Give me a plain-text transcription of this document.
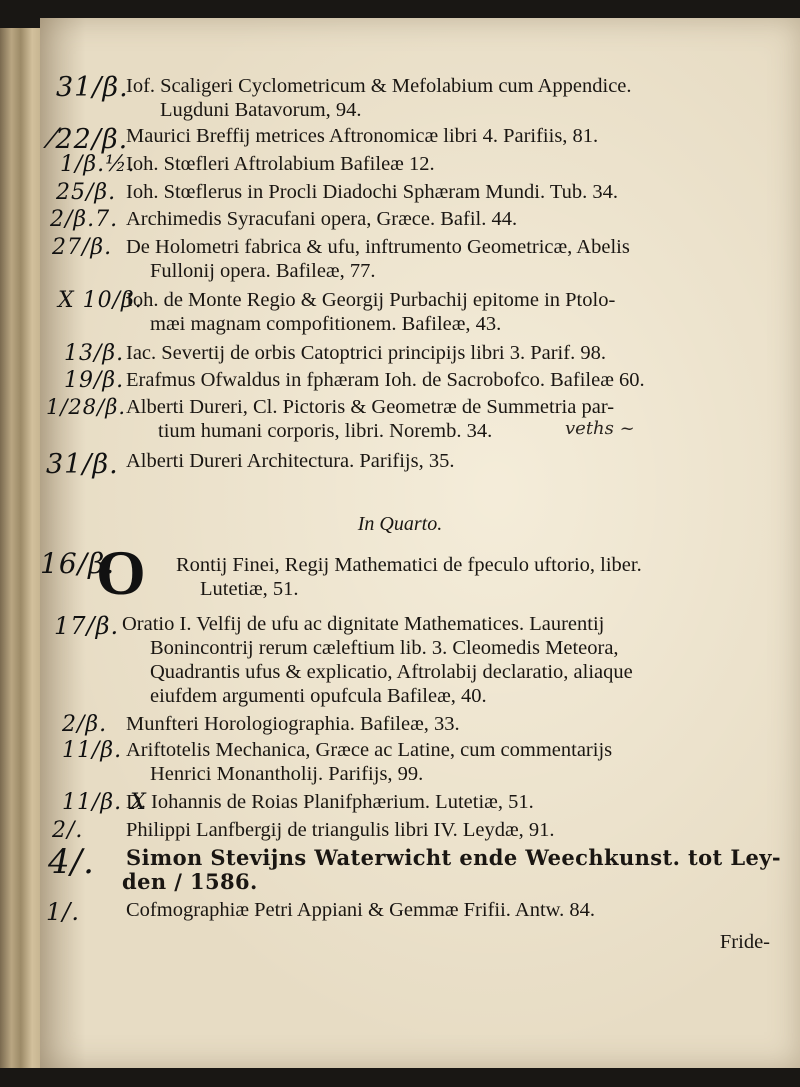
31/β.
Iof. Scaligeri Cyclometricum & Mefolabium cum Appendice.
Lugduni Batavorum, 94.
⁄22/β.
Maurici Breffij metrices Aftronomicæ libri 4. Parifiis, 81.
1/β.½.
Ioh. Stœfleri Aftrolabium Bafileæ 12.
25/β. Ioh. Stœflerus in Procli Diadochi Sphæram Mundi. Tub. 34.
2/β.7. Archimedis Syracufani opera, Græce. Bafil. 44.
27/β. De Holometri fabrica & ufu, inftrumento Geometricæ, Abelis
Fullonij opera. Bafileæ, 77.
X 10/β.
Ioh. de Monte Regio & Georgij Purbachij epitome in Ptolo-
mæi magnam compofitionem. Bafileæ, 43.
13/β. Iac. Severtij de orbis Catoptrici principijs libri 3. Parif. 98.
19/β. Erafmus Ofwaldus in fphæram Ioh. de Sacrobofco. Bafileæ 60.
1/28/β. Alberti Dureri, Cl. Pictoris & Geometræ de Summetria par-
tium humani corporis, libri. Noremb. 34.	veths ~
31/β. Alberti Dureri Architectura. Parifijs, 35.
In Quarto.
16/β.	Rontij Finei, Regij Mathematici de fpeculo uftorio, liber.
Lutetiæ, 51.
O
17/β. Oratio I. Velfij de ufu ac dignitate Mathematices. Laurentij
Bonincontrij rerum cæleftium lib. 3. Cleomedis Meteora,
Quadrantis ufus & explicatio, Aftrolabij declaratio, aliaque
eiufdem argumenti opufcula Bafileæ, 40.
2/β. Munfteri Horologiographia. Bafileæ, 33.
11/β. Ariftotelis Mechanica, Græce ac Latine, cum commentarijs
Henrici Monantholij. Parifijs, 99.
11/β. X
D. Iohannis de Roias Planifphærium. Lutetiæ, 51.
2/. Philippi Lanfbergij de triangulis libri IV. Leydæ, 91.
4/. Simon Stevijns Waterwicht ende Weechkunst. tot Ley-
den / 1586.
1/. Cofmographiæ Petri Appiani & Gemmæ Frifii. Antw. 84.
Fride-
